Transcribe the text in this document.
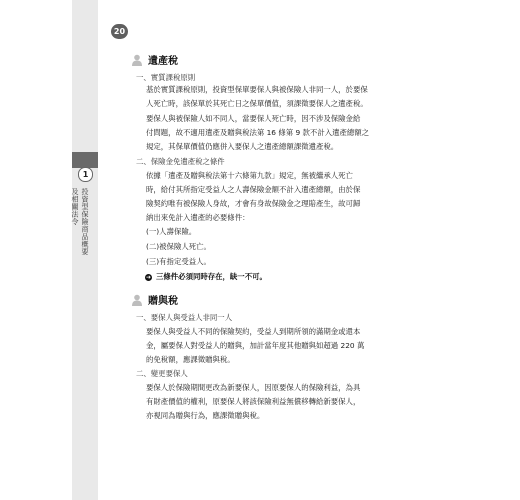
20
1
投資型保險商品概要及相關法令
遺產稅
一、實質課稅原則
基於實質課稅原則，投資型保單要保人與被保險人非同一人，於要保
人死亡時，該保單於其死亡日之保單價值，須課徵要保人之遺產稅。
要保人與被保險人如不同人，當要保人死亡時，因不涉及保險金給
付問題，故不適用遺產及贈與稅法第 16 條第 9 款不計入遺產總額之
規定，其保單價值仍應併入要保人之遺產總額課徵遺產稅。
二、保險金免遺產稅之條件
依據「遺產及贈與稅法第十六條第九款」規定，無被繼承人死亡
時，給付其所指定受益人之人壽保險金額不計入遺產總額，由於保
險契約唯有被保險人身故，才會有身故保險金之理賠產生，故可歸
納出來免計入遺產的必要條件：
(一)人壽保險。
(二)被保險人死亡。
(三)有指定受益人。
➜ 三條件必須同時存在，缺一不可。
贈與稅
一、要保人與受益人非同一人
要保人與受益人不同的保險契約，受益人到期所領的滿期金或還本
金，屬要保人對受益人的贈與，加計當年度其他贈與如超過 220 萬
的免稅額，應課徵贈與稅。
二、變更要保人
要保人於保險期間更改為新要保人，因原要保人的保險利益，為具
有財產價值的權利，原要保人將該保險利益無償移轉給新要保人，
亦視同為贈與行為，應課徵贈與稅。
